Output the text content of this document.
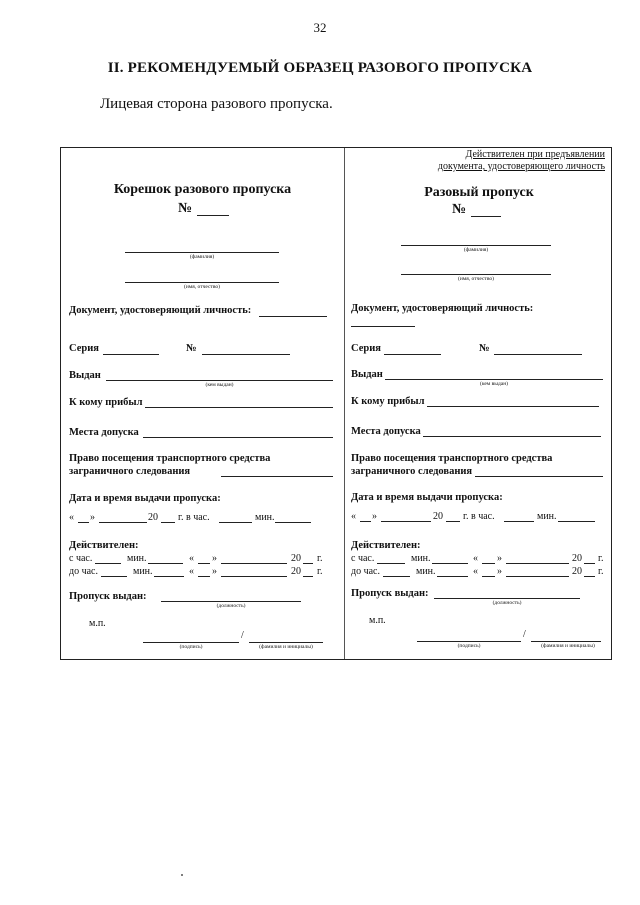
32
II. РЕКОМЕНДУЕМЫЙ ОБРАЗЕЦ РАЗОВОГО ПРОПУСКА
Лицевая сторона разового пропуска.
Корешок разового пропуска
№
(фамилия)
(имя, отчество)
Документ, удостоверяющий личность:
Серия	№
Выдан
(кем выдан)
К кому прибыл
Места допуска
Право посещения транспортного средства
заграничного следования
Дата и время выдачи пропуска:
« »	20 г. в час.	мин.
Действителен:
с час.	мин.	« »	20 г.
до час.	мин.	« »	20 г.
Пропуск выдан:
(должность)
м.п.
/
(подпись)	(фамилия и инициалы)
Действителен при предъявлении
документа, удостоверяющего личность
Разовый пропуск
№
(фамилия)
(имя, отчество)
Документ, удостоверяющий личность:
Серия	№
Выдан
(кем выдан)
К кому прибыл
Места допуска
Право посещения транспортного средства
заграничного следования
Дата и время выдачи пропуска:
« »	20 г. в час.	мин.
Действителен:
с час.	мин.	« »	20 г.
до час.	мин.	« »	20 г.
Пропуск выдан:
(должность)
м.п.
/
(подпись)	(фамилия и инициалы)
